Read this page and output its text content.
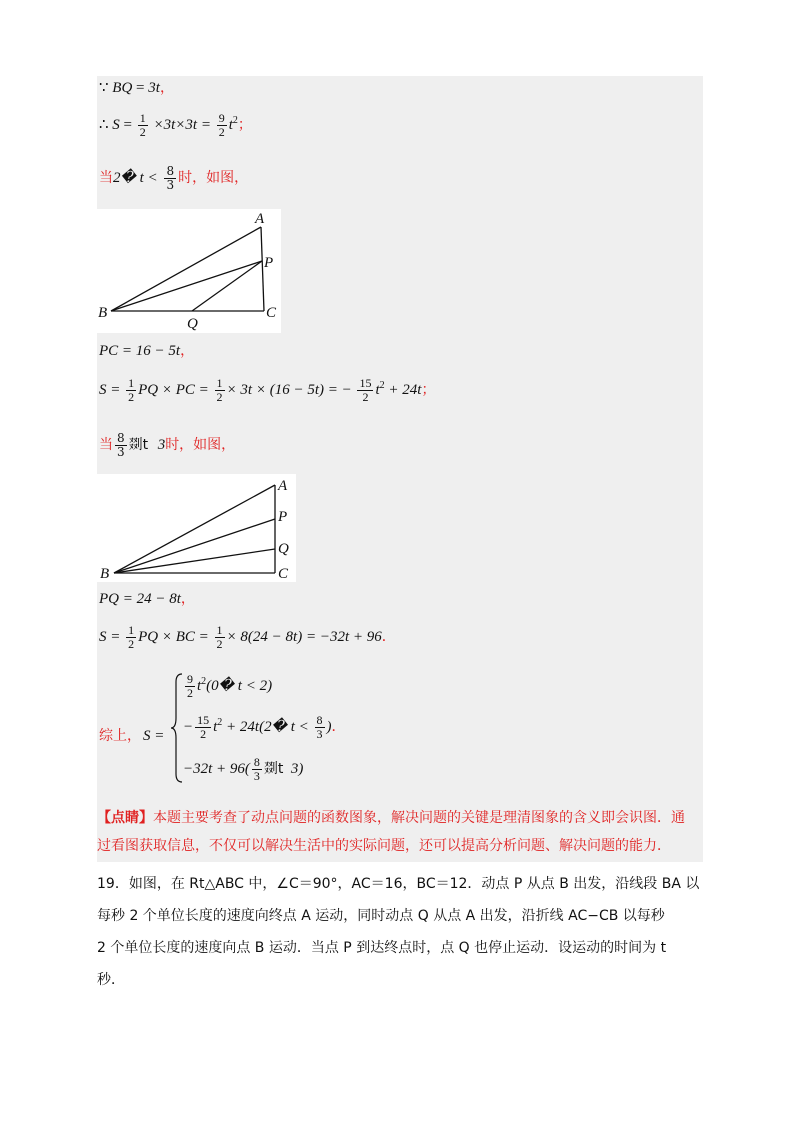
∵ BQ = 3t，
∴ $S = \frac{1}{2} \times 3t\times 3t = \frac{9}{2} t^2$；
当2� $t < \frac{8}{3}$ 时，如图，
A
P
B
Q
C
PC = 16 − 5t，
$S = \frac{1}{2}$ PQ × PC = $\frac{1}{2} \times 3t \times (16 - 5t)$ = − $\frac{15}{2} t^2 + 24t$；
当 $\frac{8}{3}$ 剟t 3时，如图，
A
P
Q
B	C
PQ = 24 − 8t，
$S = \frac{1}{2}$ PQ × BC = $\frac{1}{2} \times 8(24 - 8t) = -32t + 96$．
综上， S =
$\frac{9}{2}$ $t^2(0�$ t < 2)
− $\frac{15}{2} t^2$ + 24t(2� $t < \frac{8}{3}$ )．
$-32t + 96( \frac{8}{3}$ 剟t 3)
【点睛】本题主要考查了动点问题的函数图象，解决问题的关键是理清图象的含义即会识图．通
过看图获取信息，不仅可以解决生活中的实际问题，还可以提高分析问题、解决问题的能力．
19．如图，在 Rt△ABC 中，∠C＝90°，AC＝16，BC＝12．动点 P 从点 B 出发，沿线段 BA 以
每秒 2 个单位长度的速度向终点 A 运动，同时动点 Q 从点 A 出发，沿折线 AC−CB 以每秒
2 个单位长度的速度向点 B 运动．当点 P 到达终点时，点 Q 也停止运动．设运动的时间为 t
秒．
